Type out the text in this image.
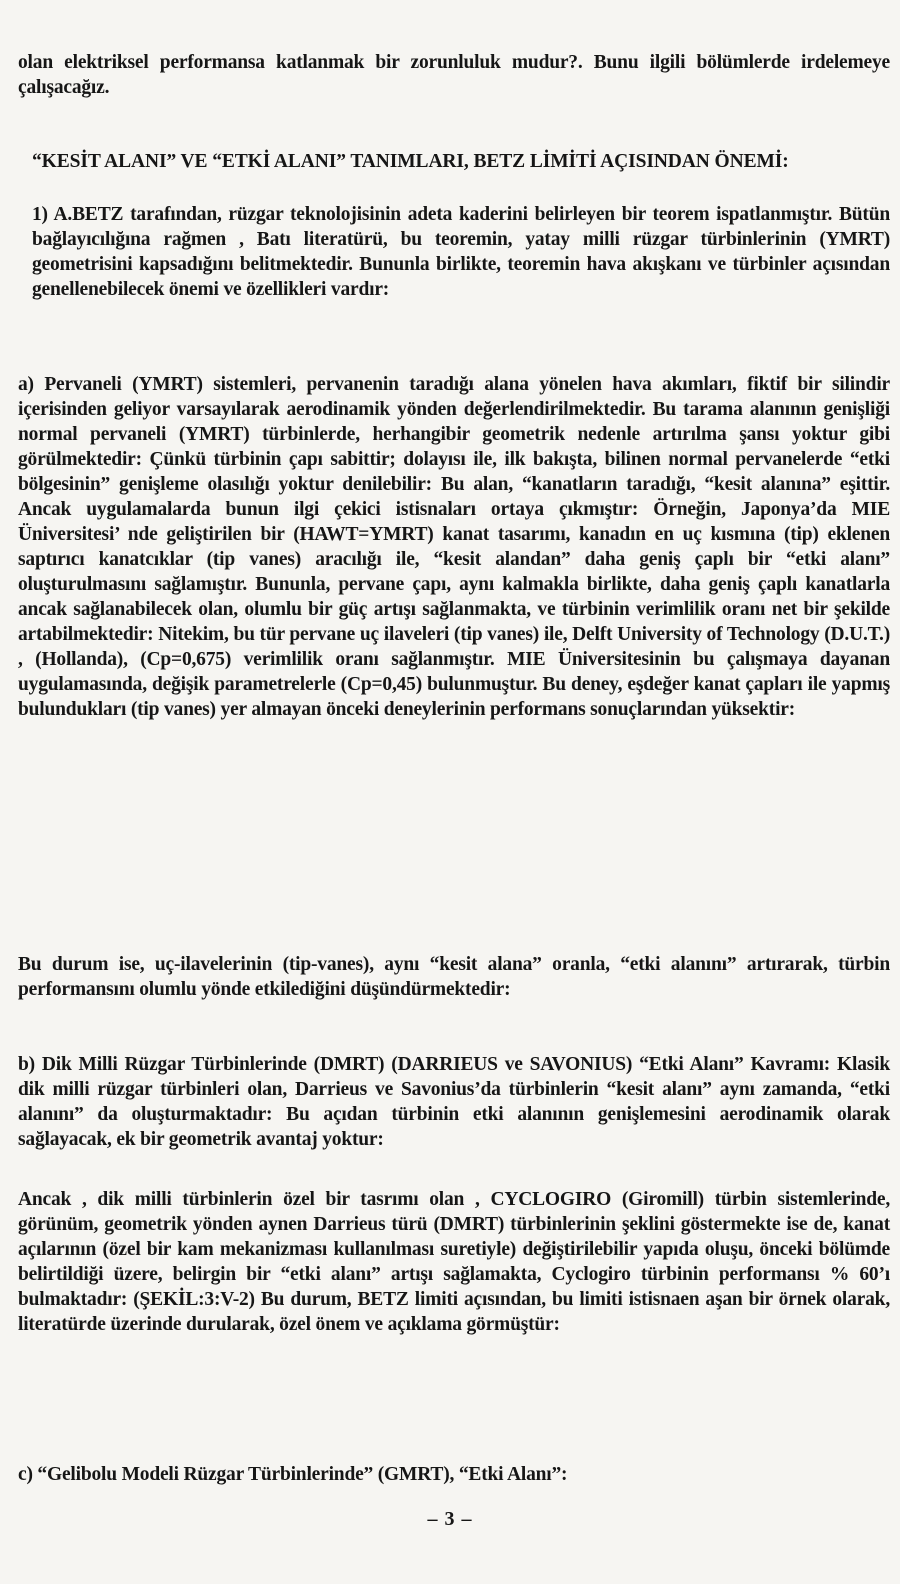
olan elektriksel performansa katlanmak bir zorunluluk mudur?. Bunu ilgili bölümlerde irdelemeye çalışacağız.
“KESİT ALANI” VE “ETKİ ALANI” TANIMLARI, BETZ LİMİTİ AÇISINDAN ÖNEMİ:
1) A.BETZ tarafından, rüzgar teknolojisinin adeta kaderini belirleyen bir teorem ispatlanmıştır. Bütün bağlayıcılığına rağmen , Batı literatürü, bu teoremin, yatay milli rüzgar türbinlerinin (YMRT) geometrisini kapsadığını belitmektedir. Bununla birlikte, teoremin hava akışkanı ve türbinler açısından genellenebilecek önemi ve özellikleri vardır:
a) Pervaneli (YMRT) sistemleri, pervanenin taradığı alana yönelen hava akımları, fiktif bir silindir içerisinden geliyor varsayılarak aerodinamik yönden değerlendirilmektedir. Bu tarama alanının genişliği normal pervaneli (YMRT) türbinlerde, herhangibir geometrik nedenle artırılma şansı yoktur gibi görülmektedir: Çünkü türbinin çapı sabittir; dolayısı ile, ilk bakışta, bilinen normal pervanelerde “etki bölgesinin” genişleme olasılığı yoktur denilebilir: Bu alan, “kanatların taradığı, “kesit alanına” eşittir. Ancak uygulamalarda bunun ilgi çekici istisnaları ortaya çıkmıştır: Örneğin, Japonya’da MIE Üniversitesi’ nde geliştirilen bir (HAWT=YMRT) kanat tasarımı, kanadın en uç kısmına (tip) eklenen saptırıcı kanatcıklar (tip vanes) aracılığı ile, “kesit alandan” daha geniş çaplı bir “etki alanı” oluşturulmasını sağlamıştır. Bununla, pervane çapı, aynı kalmakla birlikte, daha geniş çaplı kanatlarla ancak sağlanabilecek olan, olumlu bir güç artışı sağlanmakta, ve türbinin verimlilik oranı net bir şekilde artabilmektedir: Nitekim, bu tür pervane uç ilaveleri (tip vanes) ile, Delft University of Technology (D.U.T.) , (Hollanda), (Cp=0,675) verimlilik oranı sağlanmıştır. MIE Üniversitesinin bu çalışmaya dayanan uygulamasında, değişik parametrelerle (Cp=0,45) bulunmuştur. Bu deney, eşdeğer kanat çapları ile yapmış bulundukları (tip vanes) yer almayan önceki deneylerinin performans sonuçlarından yüksektir:
Bu durum ise, uç-ilavelerinin (tip-vanes), aynı “kesit alana” oranla, “etki alanını” artırarak, türbin performansını olumlu yönde etkilediğini düşündürmektedir:
b) Dik Milli Rüzgar Türbinlerinde (DMRT) (DARRIEUS ve SAVONIUS) “Etki Alanı” Kavramı: Klasik dik milli rüzgar türbinleri olan, Darrieus ve Savonius’da türbinlerin “kesit alanı” aynı zamanda, “etki alanını” da oluşturmaktadır: Bu açıdan türbinin etki alanının genişlemesini aerodinamik olarak sağlayacak, ek bir geometrik avantaj yoktur:
Ancak , dik milli türbinlerin özel bir tasrımı olan , CYCLOGIRO (Giromill) türbin sistemlerinde, görünüm, geometrik yönden aynen Darrieus türü (DMRT) türbinlerinin şeklini göstermekte ise de, kanat açılarının (özel bir kam mekanizması kullanılması suretiyle) değiştirilebilir yapıda oluşu, önceki bölümde belirtildiği üzere, belirgin bir “etki alanı” artışı sağlamakta, Cyclogiro türbinin performansı % 60’ı bulmaktadır: (ŞEKİL:3:V-2) Bu durum, BETZ limiti açısından, bu limiti istisnaen aşan bir örnek olarak, literatürde üzerinde durularak, özel önem ve açıklama görmüştür:
c) “Gelibolu Modeli Rüzgar Türbinlerinde” (GMRT), “Etki Alanı”:
– 3 –
